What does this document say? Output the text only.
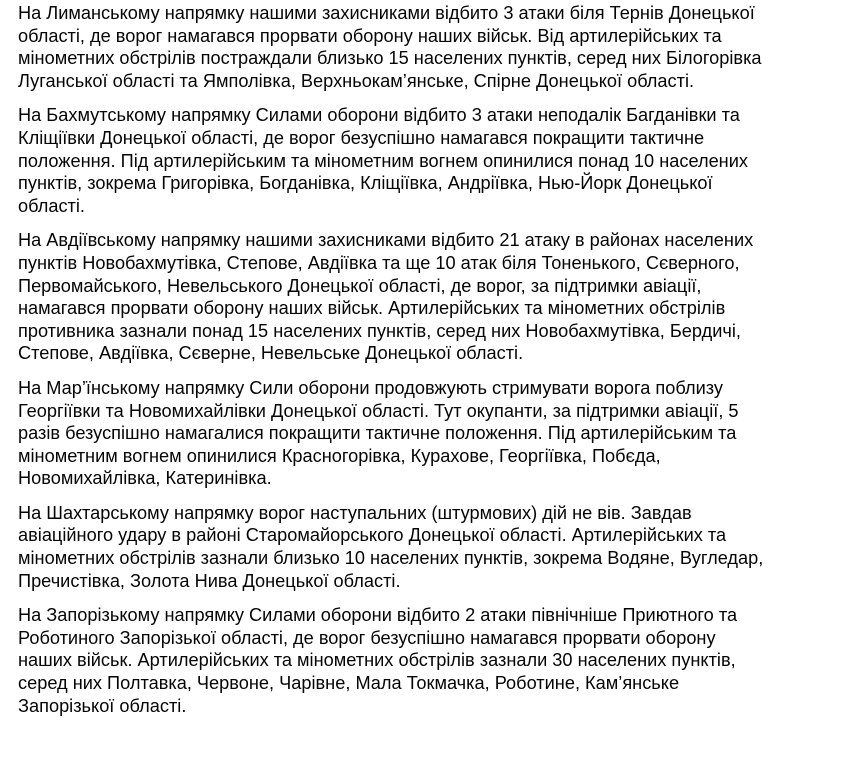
На Лиманському напрямку нашими захисниками відбито 3 атаки біля Тернів Донецької
області, де ворог намагався прорвати оборону наших військ. Від артилерійських та
мінометних обстрілів постраждали близько 15 населених пунктів, серед них Білогорівка
Луганської області та Ямполівка, Верхньокам’янське, Спірне Донецької області.

На Бахмутському напрямку Силами оборони відбито 3 атаки неподалік Багданівки та
Кліщіївки Донецької області, де ворог безуспішно намагався покращити тактичне
положення. Під артилерійським та мінометним вогнем опинилися понад 10 населених
пунктів, зокрема Григорівка, Богданівка, Кліщіївка, Андріївка, Нью-Йорк Донецької
області.

На Авдіївському напрямку нашими захисниками відбито 21 атаку в районах населених
пунктів Новобахмутівка, Степове, Авдіївка та ще 10 атак біля Тоненького, Сєверного,
Первомайського, Невельського Донецької області, де ворог, за підтримки авіації,
намагався прорвати оборону наших військ. Артилерійських та мінометних обстрілів
противника зазнали понад 15 населених пунктів, серед них Новобахмутівка, Бердичі,
Степове, Авдіївка, Сєверне, Невельське Донецької області.

На Мар’їнському напрямку Сили оборони продовжують стримувати ворога поблизу
Георгіївки та Новомихайлівки Донецької області. Тут окупанти, за підтримки авіації, 5
разів безуспішно намагалися покращити тактичне положення. Під артилерійським та
мінометним вогнем опинилися Красногорівка, Курахове, Георгіївка, Побєда,
Новомихайлівка, Катеринівка.

На Шахтарському напрямку ворог наступальних (штурмових) дій не вів. Завдав
авіаційного удару в районі Старомайорського Донецької області. Артилерійських та
мінометних обстрілів зазнали близько 10 населених пунктів, зокрема Водяне, Вугледар,
Пречистівка, Золота Нива Донецької області.

На Запорізькому напрямку Силами оборони відбито 2 атаки північніше Приютного та
Роботиного Запорізької області, де ворог безуспішно намагався прорвати оборону
наших військ. Артилерійських та мінометних обстрілів зазнали 30 населених пунктів,
серед них Полтавка, Червоне, Чарівне, Мала Токмачка, Роботине, Кам’янське
Запорізької області.
